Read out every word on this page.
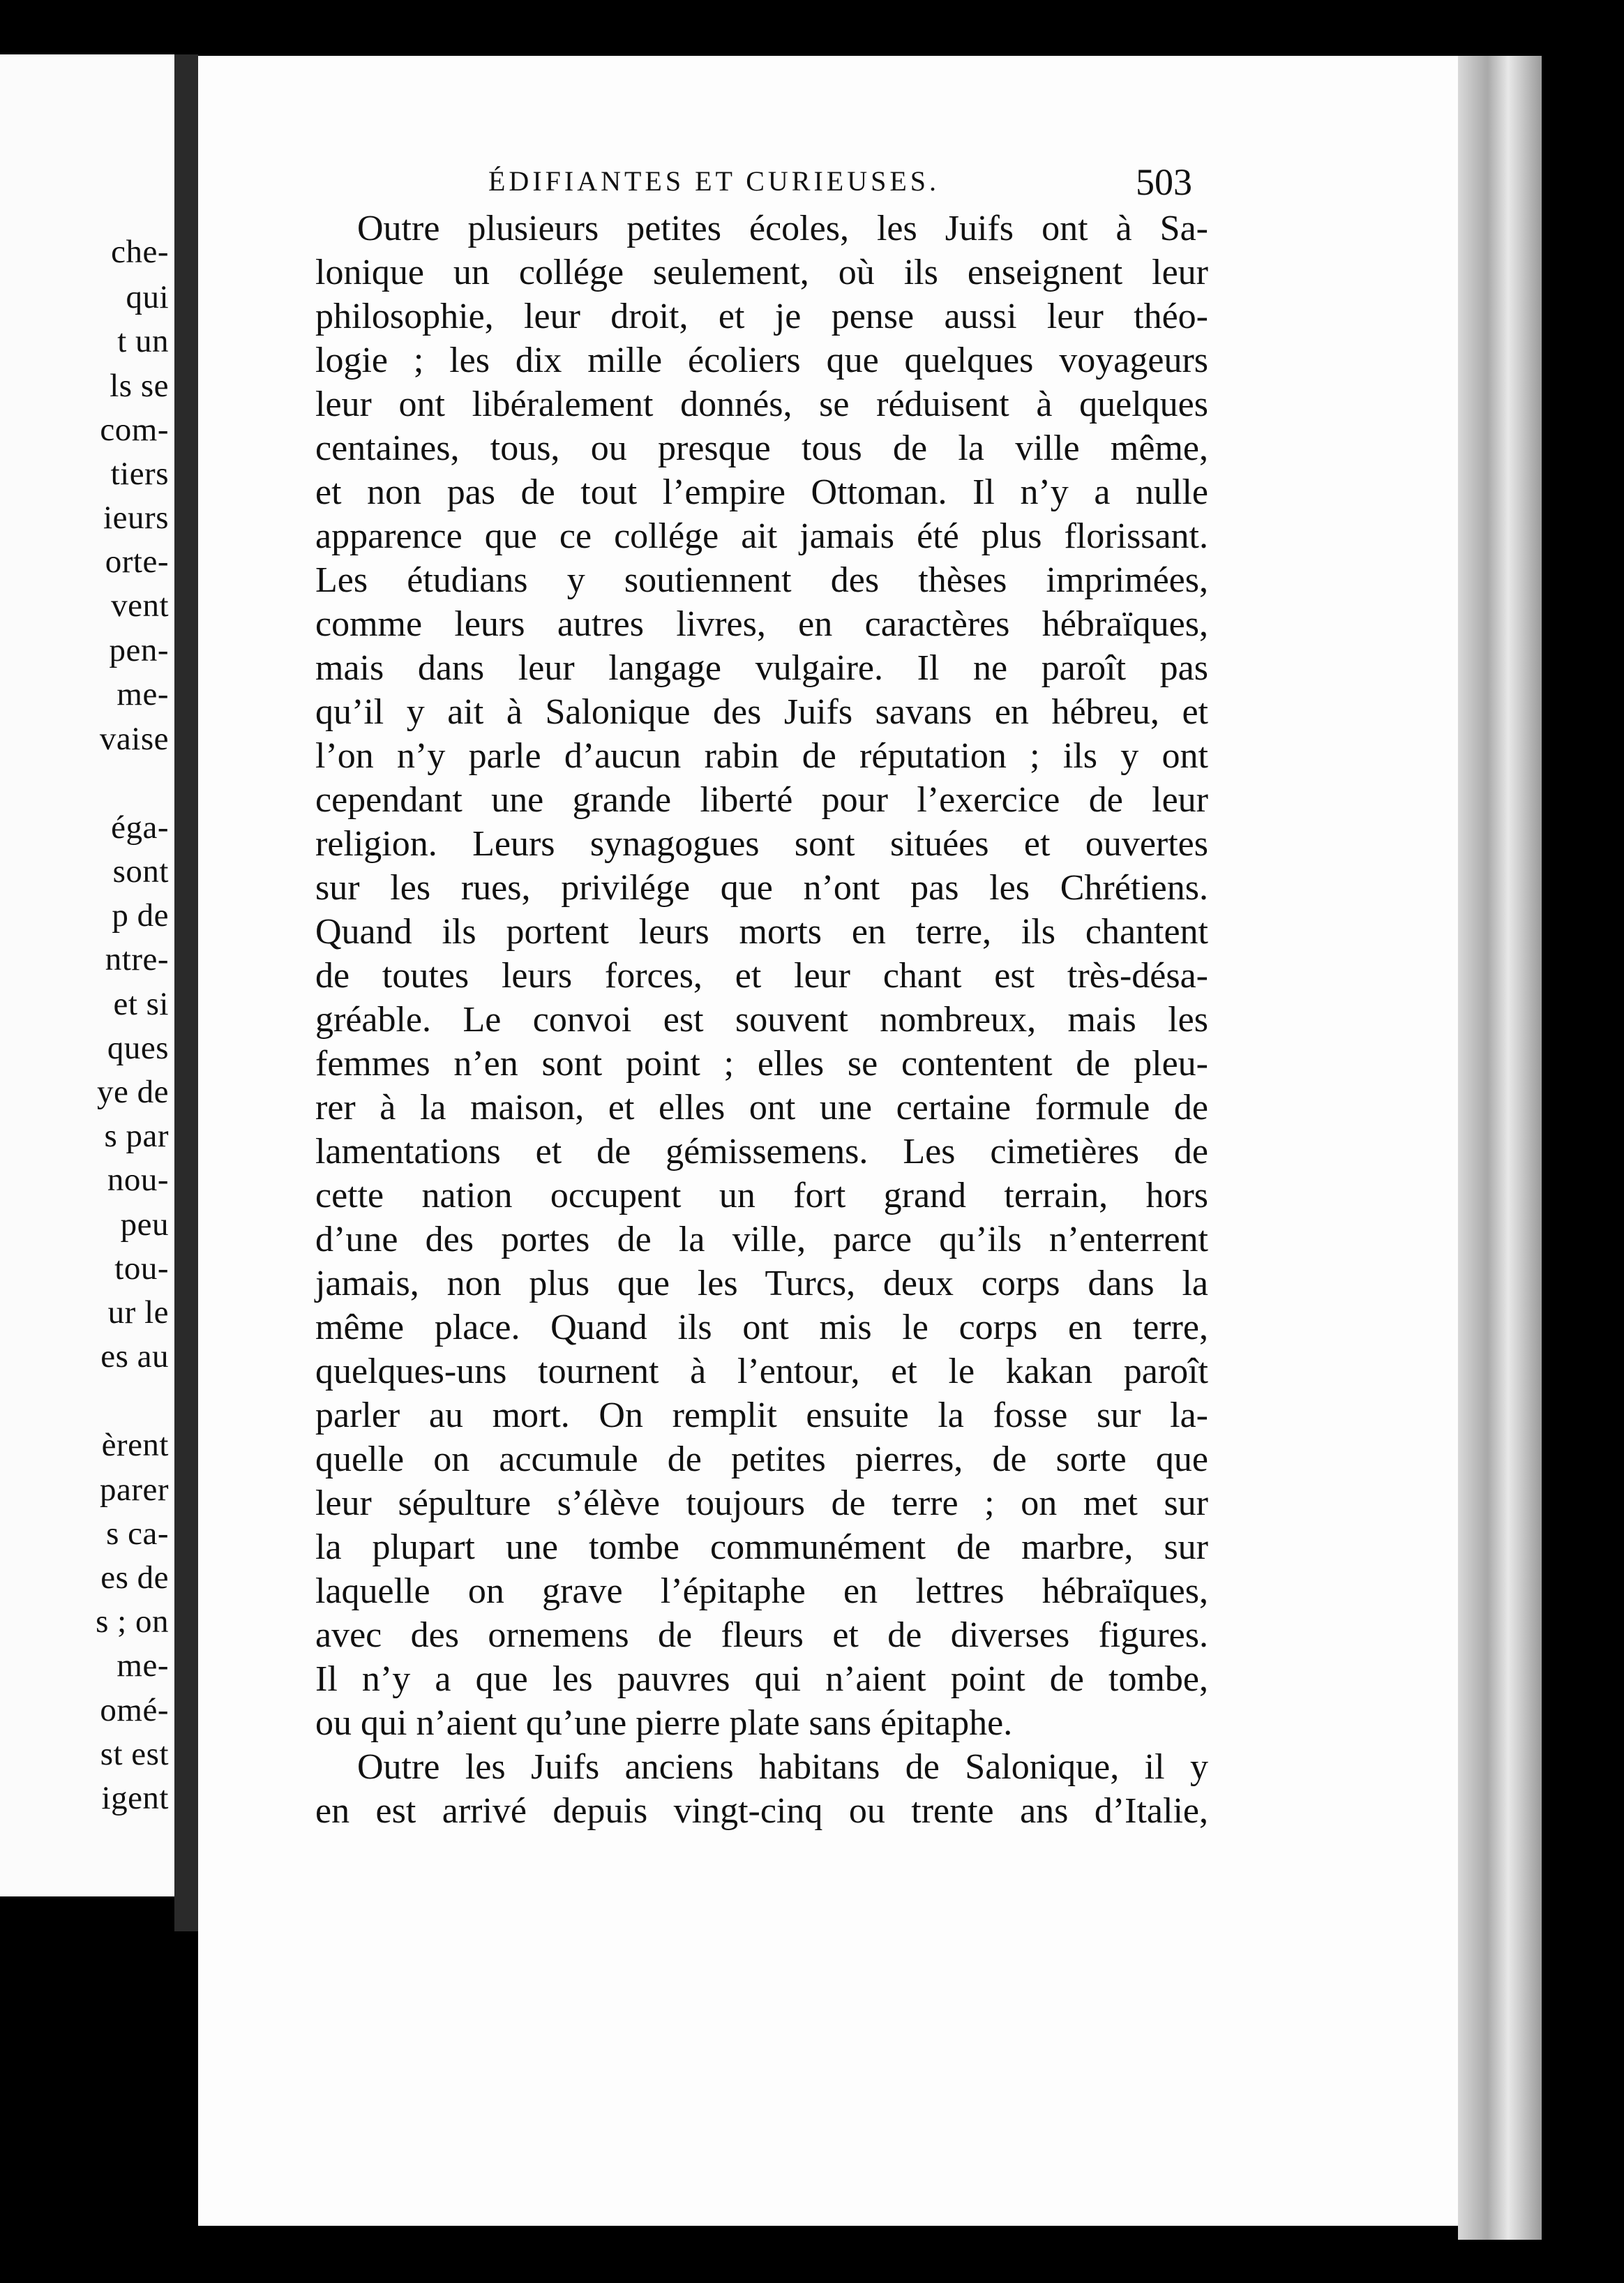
che-
qui
t un
ls se
com-
tiers
ieurs
orte-
vent
pen-
me-
vaise
éga-
sont
p de
ntre-
et si
ques
ye de
s par
nou-
peu
tou-
ur le
es au
èrent
parer
s ca-
es de
s ; on
me-
omé-
st est
igent
ÉDIFIANTES ET CURIEUSES.	503
Outre plusieurs petites écoles, les Juifs ont à Sa-
lonique un collége seulement, où ils enseignent leur
philosophie, leur droit, et je pense aussi leur théo-
logie ; les dix mille écoliers que quelques voyageurs
leur ont libéralement donnés, se réduisent à quelques
centaines, tous, ou presque tous de la ville même,
et non pas de tout l’empire Ottoman. Il n’y a nulle
apparence que ce collége ait jamais été plus florissant.
Les étudians y soutiennent des thèses imprimées,
comme leurs autres livres, en caractères hébraïques,
mais dans leur langage vulgaire. Il ne paroît pas
qu’il y ait à Salonique des Juifs savans en hébreu, et
l’on n’y parle d’aucun rabin de réputation ; ils y ont
cependant une grande liberté pour l’exercice de leur
religion. Leurs synagogues sont situées et ouvertes
sur les rues, privilége que n’ont pas les Chrétiens.
Quand ils portent leurs morts en terre, ils chantent
de toutes leurs forces, et leur chant est très-désa-
gréable. Le convoi est souvent nombreux, mais les
femmes n’en sont point ; elles se contentent de pleu-
rer à la maison, et elles ont une certaine formule de
lamentations et de gémissemens. Les cimetières de
cette nation occupent un fort grand terrain, hors
d’une des portes de la ville, parce qu’ils n’enterrent
jamais, non plus que les Turcs, deux corps dans la
même place. Quand ils ont mis le corps en terre,
quelques-uns tournent à l’entour, et le kakan paroît
parler au mort. On remplit ensuite la fosse sur la-
quelle on accumule de petites pierres, de sorte que
leur sépulture s’élève toujours de terre ; on met sur
la plupart une tombe communément de marbre, sur
laquelle on grave l’épitaphe en lettres hébraïques,
avec des ornemens de fleurs et de diverses figures.
Il n’y a que les pauvres qui n’aient point de tombe,
ou qui n’aient qu’une pierre plate sans épitaphe.
Outre les Juifs anciens habitans de Salonique, il y
en est arrivé depuis vingt-cinq ou trente ans d’Italie,
